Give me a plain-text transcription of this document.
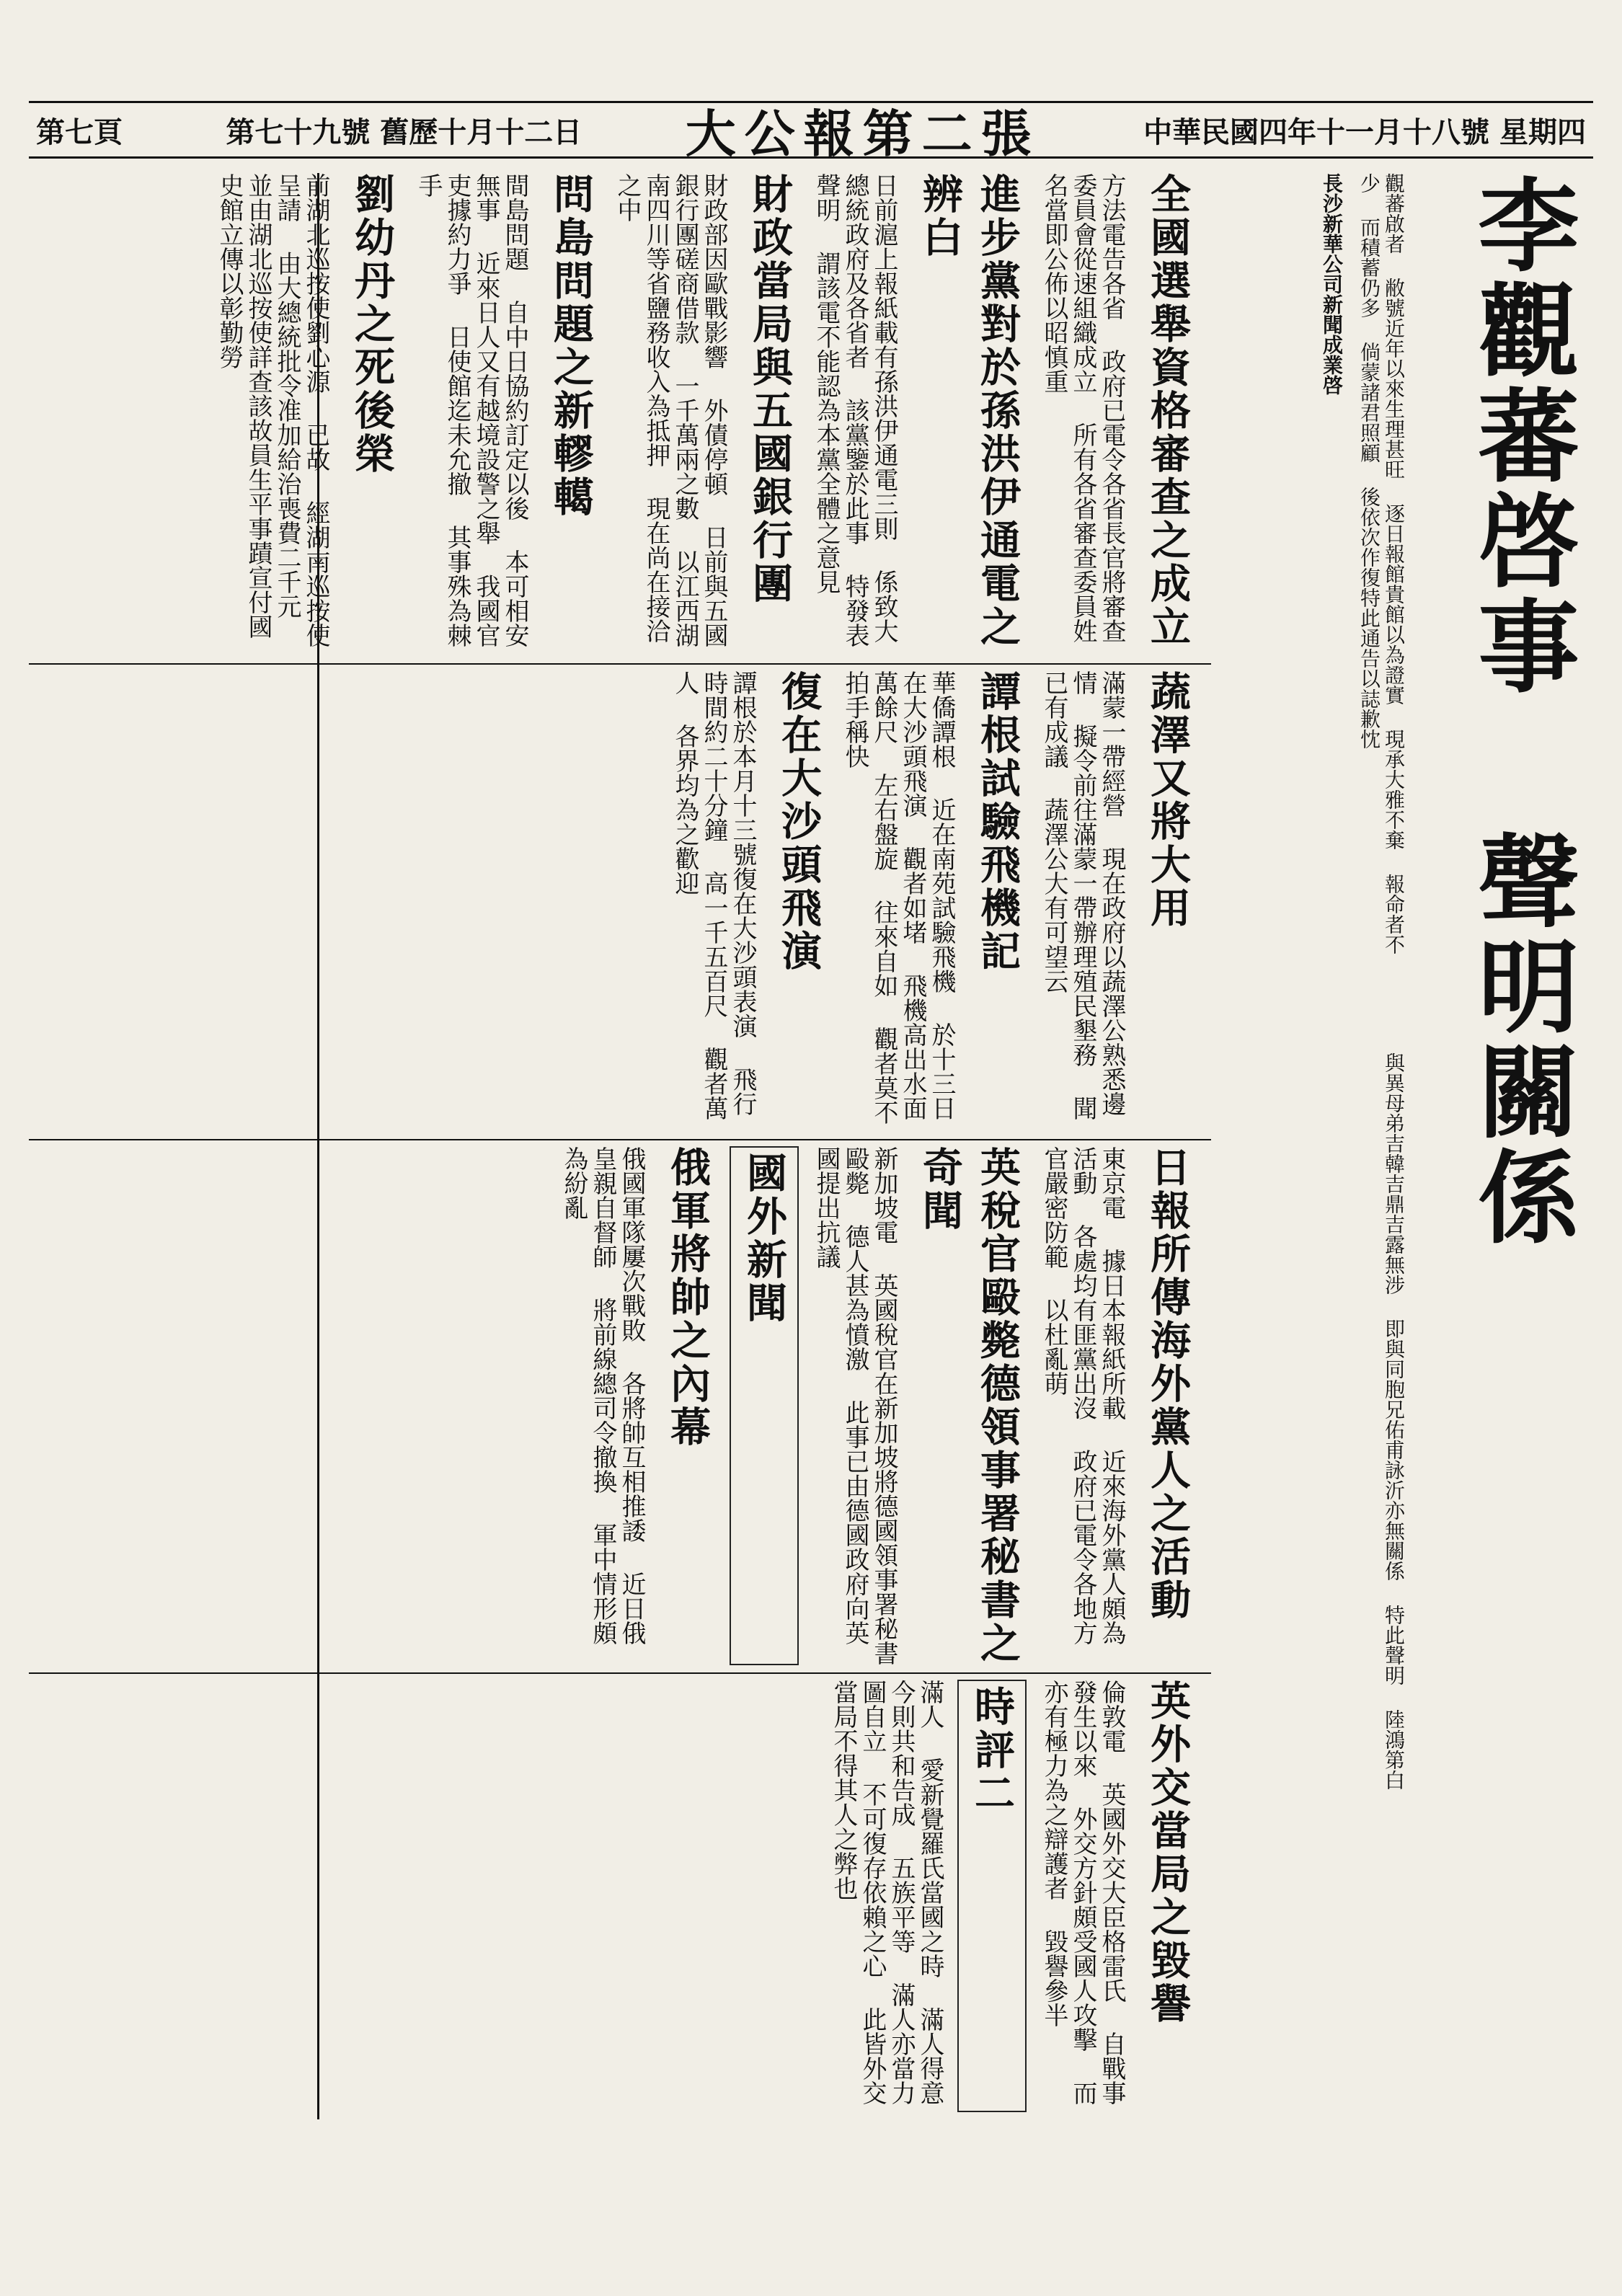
中華民國四年十一月十八號 星期四
大公報第二張
第七十九號 舊歷十月十二日
第七頁
李觀蕃啓事
觀蕃啟者 敝號近年以來生理甚旺 逐日報館貴館以為證實 現承大雅不棄 報命者不少 而積蓄仍多 倘蒙諸君照顧 後依次作復特此通告以誌歉忱
長沙新華公司新聞成業啓
聲明關係
與異母弟吉韓吉鼎吉露無涉 即與同胞兄佑甫詠沂亦無關係 特此聲明 陸鴻第白
全國選舉資格審查之成立
方法電告各省 政府已電令各省長官將審查委員會從速組織成立 所有各省審查委員姓名當即公佈以昭慎重
進步黨對於孫洪伊通電之辨白
日前滬上報紙載有孫洪伊通電三則 係致大總統政府及各省者 該黨鑒於此事 特發表聲明 謂該電不能認為本黨全體之意見
財政當局與五國銀行團
財政部因歐戰影響 外債停頓 日前與五國銀行團磋商借款 一千萬兩之數 以江西湖南四川等省鹽務收入為抵押 現在尚在接洽之中
問島問題之新轇轕
間島問題 自中日協約訂定以後 本可相安無事 近來日人又有越境設警之舉 我國官吏據約力爭 日使館迄未允撤 其事殊為棘手
劉幼丹之死後榮
前湖北巡按使劉心源 已故 經湖南巡按使呈請 由大總統批令准加給治喪費二千元 並由湖北巡按使詳查該故員生平事蹟宣付國史館立傳以彰勤勞
蔬澤又將大用
滿蒙一帶經營 現在政府以蔬澤公熟悉邊情 擬令前往滿蒙一帶辦理殖民墾務 聞已有成議 蔬澤公大有可望云
譚根試驗飛機記
華僑譚根 近在南苑試驗飛機 於十三日在大沙頭飛演 觀者如堵 飛機高出水面萬餘尺 左右盤旋 往來自如 觀者莫不拍手稱快
復在大沙頭飛演
譚根於本月十三號復在大沙頭表演 飛行時間約二十分鐘 高一千五百尺 觀者萬人 各界均為之歡迎
日報所傳海外黨人之活動
東京電 據日本報紙所載 近來海外黨人頗為活動 各處均有匪黨出沒 政府已電令各地方官嚴密防範 以杜亂萌
英稅官毆斃德領事署秘書之奇聞
新加坡電 英國稅官在新加坡將德國領事署秘書毆斃 德人甚為憤激 此事已由德國政府向英國提出抗議
國外新聞
俄軍將帥之內幕
俄國軍隊屢次戰敗 各將帥互相推諉 近日俄皇親自督師 將前線總司令撤換 軍中情形頗為紛亂
英外交當局之毀譽
倫敦電 英國外交大臣格雷氏 自戰事發生以來 外交方針頗受國人攻擊 而亦有極力為之辯護者 毀譽參半
時評二
滿人 愛新覺羅氏當國之時 滿人得意 今則共和告成 五族平等 滿人亦當力圖自立 不可復存依賴之心 此皆外交當局不得其人之弊也
